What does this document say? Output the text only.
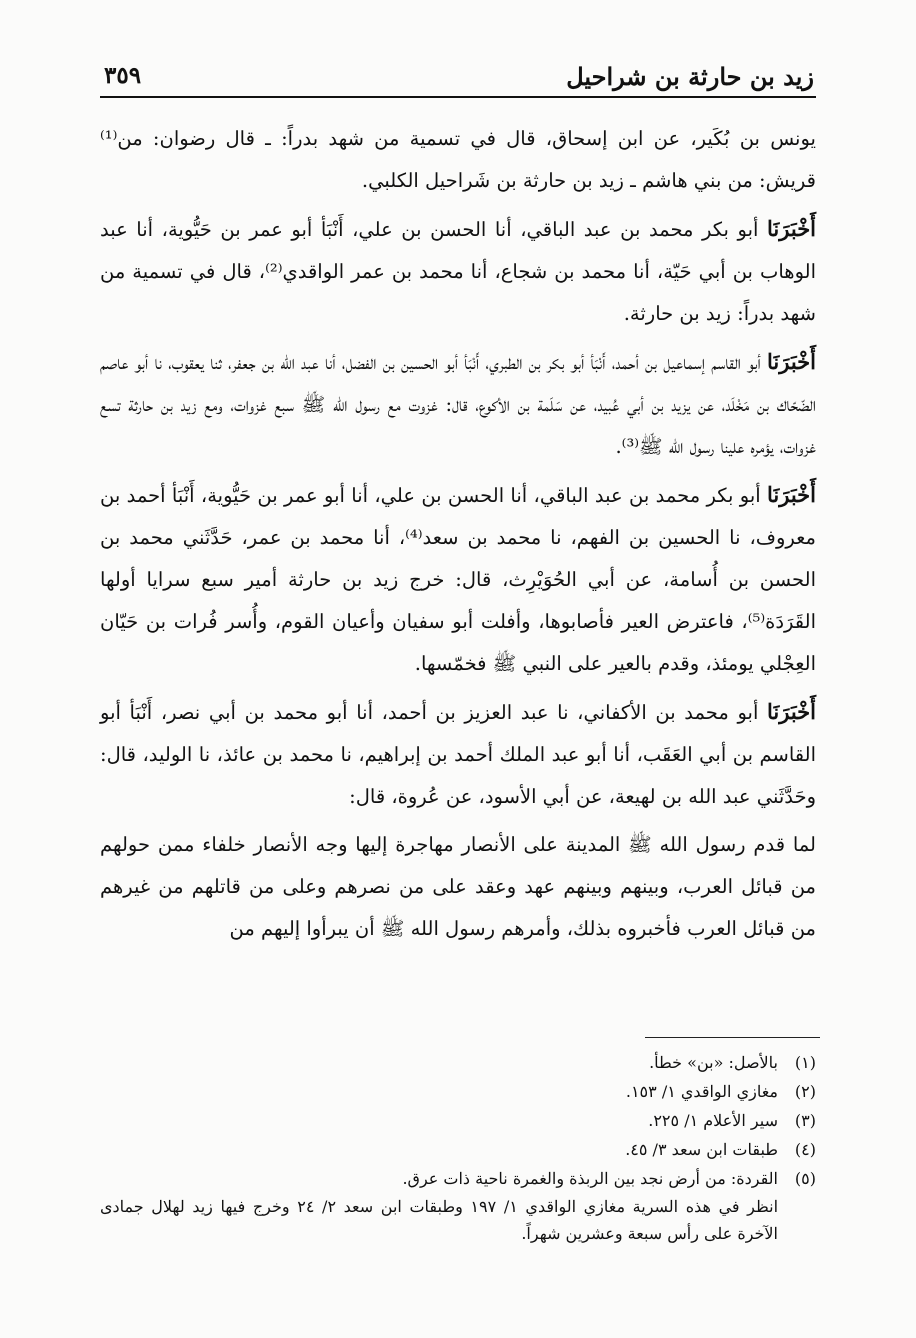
زيد بن حارثة بن شراحيل
٣٥٩

يونس بن بُكَير، عن ابن إسحاق، قال في تسمية من شهد بدراً: ـ قال رضوان: من⁽¹⁾ قريش: من بني هاشم ـ زيد بن حارثة بن شَراحيل الكلبي.

أَخْبَرَنَا أبو بكر محمد بن عبد الباقي، أنا الحسن بن علي، أَنْبَأ أبو عمر بن حَيُّوية، أنا عبد الوهاب بن أبي حَيّة، أنا محمد بن شجاع، أنا محمد بن عمر الواقدي⁽²⁾، قال في تسمية من شهد بدراً: زيد بن حارثة.

أَخْبَرَنَا أبو القاسم إسماعيل بن أحمد، أَنْبَأ أبو بكر بن الطبري، أَنْبَأ أبو الحسين بن الفضل، أنا عبد الله بن جعفر، ثنا يعقوب، نا أبو عاصم الضّحّاك بن مَخْلَد، عن يزيد بن أبي عُبيد، عن سَلَمة بن الأكوع، قال: غزوت مع رسول الله ﷺ سبع غزوات، ومع زيد بن حارثة تسع غزوات، يؤمره علينا رسول الله ﷺ⁽³⁾.

أَخْبَرَنَا أبو بكر محمد بن عبد الباقي، أنا الحسن بن علي، أنا أبو عمر بن حَيُّوية، أَنْبَأ أحمد بن معروف، نا الحسين بن الفهم، نا محمد بن سعد⁽⁴⁾، أنا محمد بن عمر، حَدَّثَني محمد بن الحسن بن أُسامة، عن أبي الحُوَيْرِث، قال: خرج زيد بن حارثة أمير سبع سرايا أولها القَرَدَة⁽⁵⁾، فاعترض العير فأصابوها، وأفلت أبو سفيان وأعيان القوم، وأُسر فُرات بن حَيّان العِجْلي يومئذ، وقدم بالعير على النبي ﷺ فخمّسها.

أَخْبَرَنَا أبو محمد بن الأكفاني، نا عبد العزيز بن أحمد، أنا أبو محمد بن أبي نصر، أَنْبَأ أبو القاسم بن أبي العَقَب، أنا أبو عبد الملك أحمد بن إبراهيم، نا محمد بن عائذ، نا الوليد، قال: وحَدَّثَني عبد الله بن لهيعة، عن أبي الأسود، عن عُروة، قال:

لما قدم رسول الله ﷺ المدينة على الأنصار مهاجرة إليها وجه الأنصار خلفاء ممن حولهم من قبائل العرب، وبينهم وبينهم عهد وعقد على من نصرهم وعلى من قاتلهم من غيرهم من قبائل العرب فأخبروه بذلك، وأمرهم رسول الله ﷺ أن يبرأوا إليهم من

(١)
بالأصل: «بن» خطأ.
(٢)
مغازي الواقدي ١/ ١٥٣.
(٣)
سير الأعلام ١/ ٢٢٥.
(٤)
طبقات ابن سعد ٣/ ٤٥.
(٥)
القردة: من أرض نجد بين الربذة والغمرة ناحية ذات عرق.
انظر في هذه السرية مغازي الواقدي ١/ ١٩٧ وطبقات ابن سعد ٢/ ٢٤ وخرج فيها زيد لهلال جمادى الآخرة على رأس سبعة وعشرين شهراً.
